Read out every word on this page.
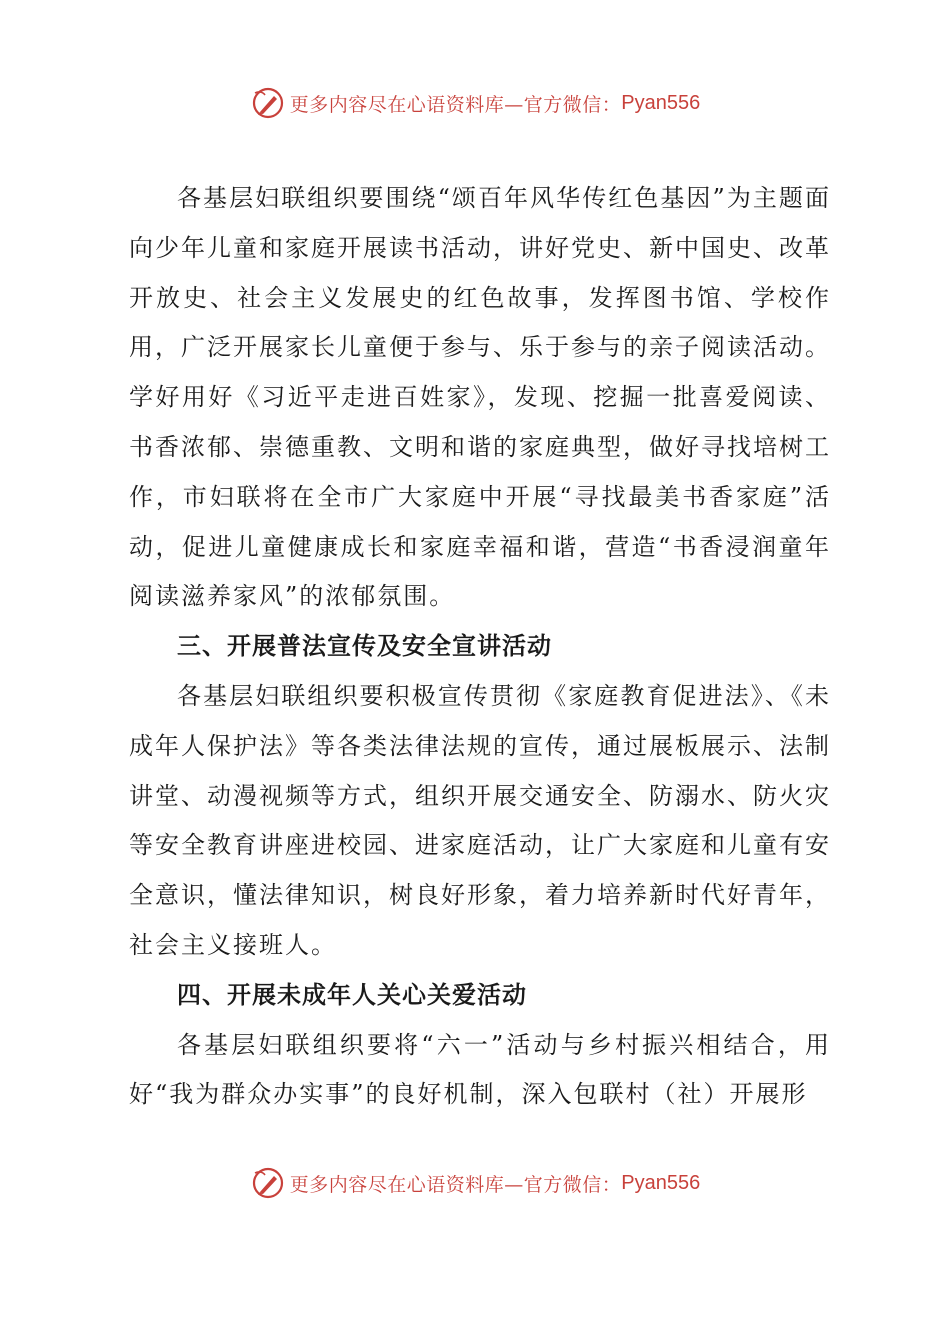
更多内容尽在心语资料库—官方微信： Pyan556

各基层妇联组织要围绕“颂百年风华传红色基因”为主题面向少年儿童和家庭开展读书活动，讲好党史、新中国史、改革开放史、社会主义发展史的红色故事，发挥图书馆、学校作用，广泛开展家长儿童便于参与、乐于参与的亲子阅读活动。学好用好《习近平走进百姓家》，发现、挖掘一批喜爱阅读、书香浓郁、崇德重教、文明和谐的家庭典型，做好寻找培树工作，市妇联将在全市广大家庭中开展“寻找最美书香家庭”活动，促进儿童健康成长和家庭幸福和谐，营造“书香浸润童年阅读滋养家风”的浓郁氛围。

三、开展普法宣传及安全宣讲活动

各基层妇联组织要积极宣传贯彻《家庭教育促进法》、《未成年人保护法》等各类法律法规的宣传，通过展板展示、法制讲堂、动漫视频等方式，组织开展交通安全、防溺水、防火灾等安全教育讲座进校园、进家庭活动，让广大家庭和儿童有安全意识，懂法律知识，树良好形象，着力培养新时代好青年，社会主义接班人。

四、开展未成年人关心关爱活动

各基层妇联组织要将“六一”活动与乡村振兴相结合，用好“我为群众办实事”的良好机制，深入包联村（社）开展形

更多内容尽在心语资料库—官方微信： Pyan556
